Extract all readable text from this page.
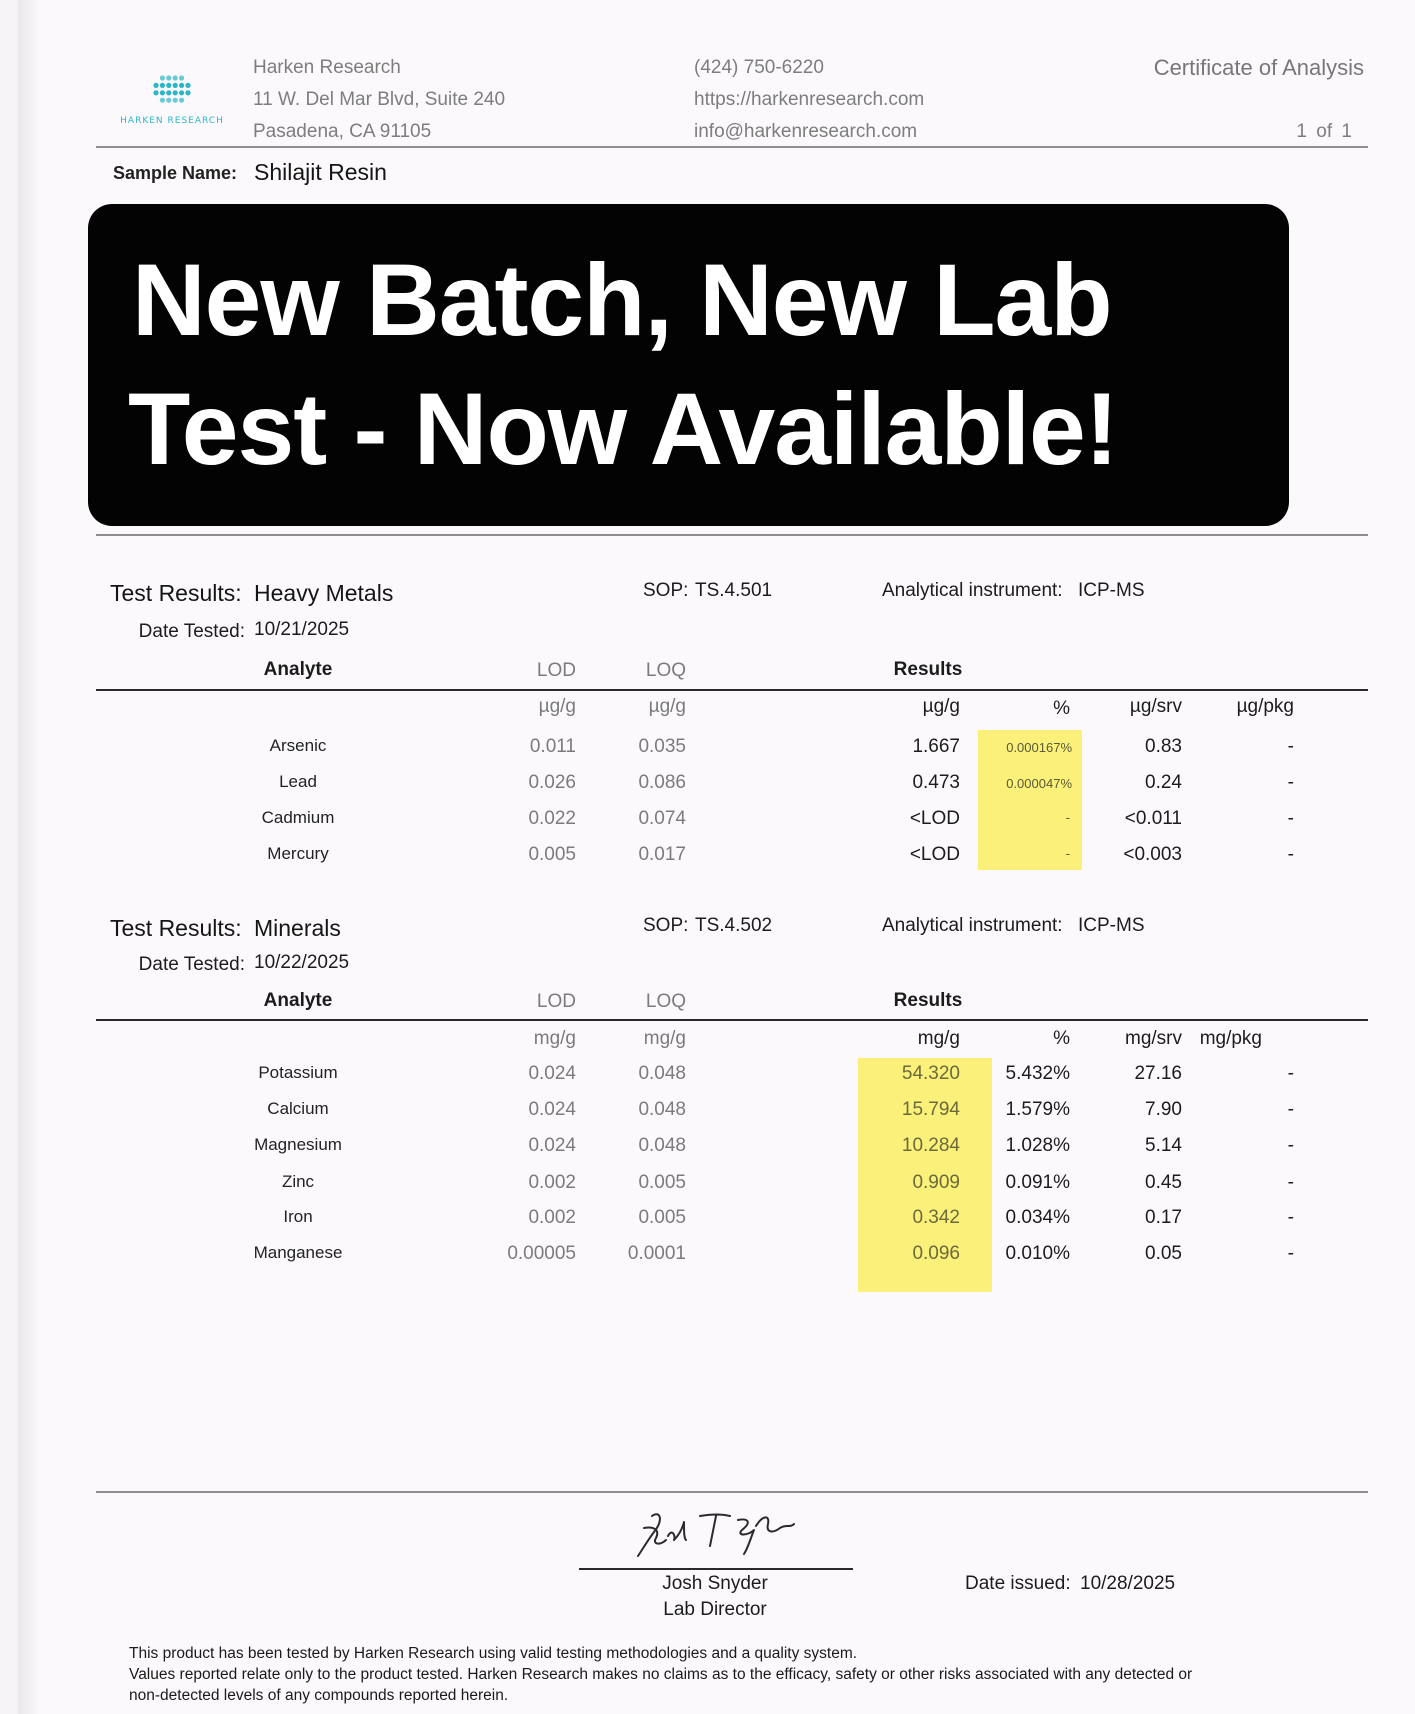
HARKEN RESEARCH
Harken Research
11 W. Del Mar Blvd, Suite 240
Pasadena, CA 91105
(424) 750-6220
https://harkenresearch.com
info@harkenresearch.com
Certificate of Analysis
1 of 1
Sample Name: Shilajit Resin
New Batch, New Lab
Test - Now Available!
Test Results: Heavy Metals	SOP: TS.4.501	Analytical instrument: ICP-MS
Date Tested: 10/21/2025
Analyte	LOD	LOQ	Results
µg/g	µg/g	µg/g	%	µg/srv	µg/pkg
Arsenic	0.011	0.035	1.667	0.000167%	0.83	-
Lead	0.026	0.086	0.473	0.000047%	0.24	-
Cadmium	0.022	0.074	<LOD	-	<0.011	-
Mercury	0.005	0.017	<LOD	-	<0.003	-
Test Results: Minerals	SOP: TS.4.502	Analytical instrument: ICP-MS
Date Tested: 10/22/2025
Analyte	LOD	LOQ	Results
mg/g	mg/g	mg/g	%	mg/srv mg/pkg
Potassium	0.024	0.048	54.320 5.432%	27.16	-
Calcium	0.024	0.048	15.794 1.579%	7.90	-
Magnesium	0.024	0.048	10.284 1.028%	5.14	-
Zinc	0.002	0.005	0.909 0.091%	0.45	-
Iron	0.002	0.005	0.342 0.034%	0.17	-
Manganese	0.00005	0.0001	0.096 0.010%	0.05	-
Josh Snyder
Lab Director
Date issued: 10/28/2025
This product has been tested by Harken Research using valid testing methodologies and a quality system.
Values reported relate only to the product tested. Harken Research makes no claims as to the efficacy, safety or other risks associated with any detected or
non-detected levels of any compounds reported herein.
